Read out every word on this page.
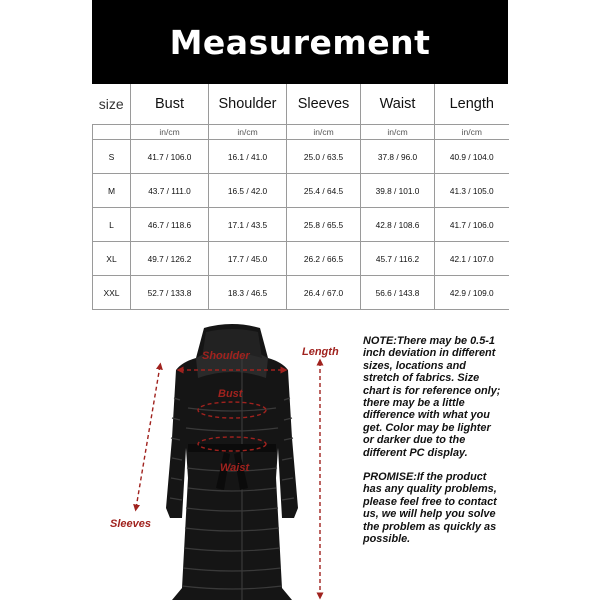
Measurement
size	Bust	Shoulder	Sleeves	Waist	Length
	in/cm	in/cm	in/cm	in/cm	in/cm
S	41.7 / 106.0	16.1 / 41.0	25.0 / 63.5	37.8 / 96.0	40.9 / 104.0
M	43.7 / 111.0	16.5 / 42.0	25.4 / 64.5	39.8 / 101.0	41.3 / 105.0
L	46.7 / 118.6	17.1 / 43.5	25.8 / 65.5	42.8 / 108.6	41.7 / 106.0
XL	49.7 / 126.2	17.7 / 45.0	26.2 / 66.5	45.7 / 116.2	42.1 / 107.0
XXL	52.7 / 133.8	18.3 / 46.5	26.4 / 67.0	56.6 / 143.8	42.9 / 109.0
Shoulder
Bust
Waist
Length
Sleeves

NOTE:There may be 0.5-1 inch deviation in different sizes, locations and stretch of fabrics. Size chart is for reference only; there may be a little difference with what you get. Color may be lighter or darker due to the different PC display.

PROMISE:If the product has any quality problems, please feel free to contact us, we will help you solve the problem as quickly as possible.
